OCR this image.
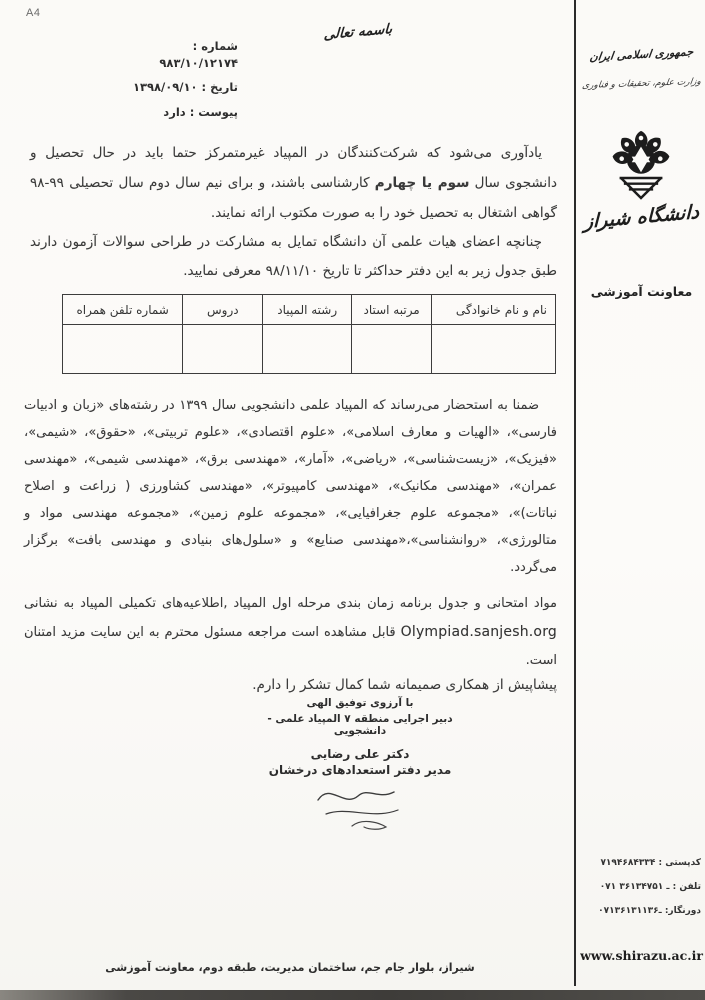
A4
باسمه تعالی
شماره :
۹۸۳/۱۰/۱۲۱۷۴
تاریخ : ۱۳۹۸/۰۹/۱۰
پیوست : دارد

یادآوری می‌شود که شرکت‌کنندگان در المپیاد غیرمتمرکز حتما باید در حال تحصیل و دانشجوی سال سوم یا چهارم کارشناسی باشند، و برای نیم سال دوم سال تحصیلی ۹۹-۹۸ گواهی اشتغال به تحصیل خود را به صورت مکتوب ارائه نمایند.

چنانچه اعضای هیات علمی آن دانشگاه تمایل به مشارکت در طراحی سوالات آزمون دارند طبق جدول زیر به این دفتر حداکثر تا تاریخ ۹۸/۱۱/۱۰ معرفی نمایید.

نام و نام خانوادگی	مرتبه استاد	رشته المپیاد	دروس	شماره تلفن همراه

ضمنا به استحضار می‌رساند که المپیاد علمی دانشجویی سال ۱۳۹۹ در رشته‌های «زبان و ادبیات فارسی»، «الهیات و معارف اسلامی»، «علوم اقتصادی»، «علوم تربیتی»، «حقوق»، «شیمی»، «فیزیک»، «زیست‌شناسی»، «ریاضی»، «آمار»، «مهندسی برق»، «مهندسی شیمی»، «مهندسی عمران»، «مهندسی مکانیک»، «مهندسی کامپیوتر»، «مهندسی کشاورزی ( زراعت و اصلاح نباتات)»، «مجموعه علوم جغرافیایی»، «مجموعه علوم زمین»، «مجموعه مهندسی مواد و متالورژی»، «روانشناسی»،«مهندسی صنایع» و «سلول‌های بنیادی و مهندسی بافت» برگزار می‌گردد.

مواد امتحانی و جدول برنامه زمان بندی مرحله اول المپیاد ,اطلاعیه‌های تکمیلی المپیاد به نشانی Olympiad.sanjesh.org قابل مشاهده است مراجعه مسئول محترم به این سایت مزید امتنان است.

پیشاپیش از همکاری صمیمانه شما کمال تشکر را دارم.

با آرزوی توفیق الهی
دبیر اجرایی منطقه ۷ المپیاد علمی - دانشجویی
دکتر علی رضایی
مدیر دفتر استعدادهای درخشان
جمهوری اسلامی ایران
وزارت علوم، تحقیقات و فناوری
دانشگاه شیراز
معاونت آموزشی
کدپستی : ۷۱۹۴۶۸۴۳۳۴
تلفن : ۰۷۱ ـ ۳۶۱۳۴۷۵۱
دورنگار: ۰۷۱ـ۳۶۱۳۱۱۳۶
www.shirazu.ac.ir
شیراز، بلوار جام جم، ساختمان مدیریت، طبقه دوم، معاونت آموزشی
